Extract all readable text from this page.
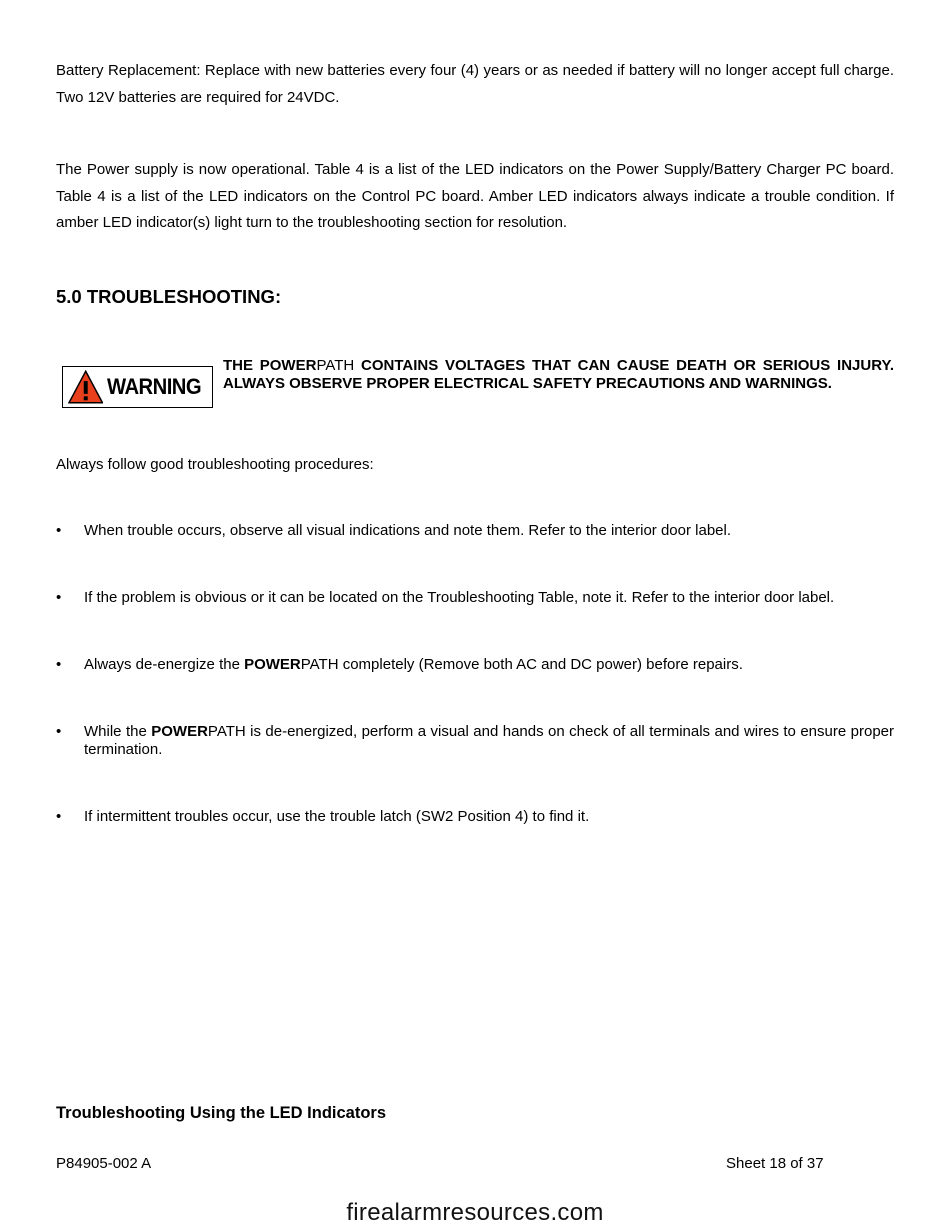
Battery Replacement: Replace with new batteries every four (4) years or as needed if battery will no longer accept full charge. Two 12V batteries are required for 24VDC.

The Power supply is now operational. Table 4 is a list of the LED indicators on the Power Supply/Battery Charger PC board. Table 4 is a list of the LED indicators on the Control PC board. Amber LED indicators always indicate a trouble condition. If amber LED indicator(s) light turn to the troubleshooting section for resolution.

5.0 TROUBLESHOOTING:
WARNING

THE POWERPATH CONTAINS VOLTAGES THAT CAN CAUSE DEATH OR SERIOUS INJURY. ALWAYS OBSERVE PROPER ELECTRICAL SAFETY PRECAUTIONS AND WARNINGS.

Always follow good troubleshooting procedures:

• When trouble occurs, observe all visual indications and note them. Refer to the interior door label.

• If the problem is obvious or it can be located on the Troubleshooting Table, note it. Refer to the interior door label.

• Always de-energize the POWERPATH completely (Remove both AC and DC power) before repairs.

• While the POWERPATH is de-energized, perform a visual and hands on check of all terminals and wires to ensure proper termination.

• If intermittent troubles occur, use the trouble latch (SW2 Position 4) to find it.

Troubleshooting Using the LED Indicators
P84905-002 A	Sheet 18 of 37
firealarmresources.com
